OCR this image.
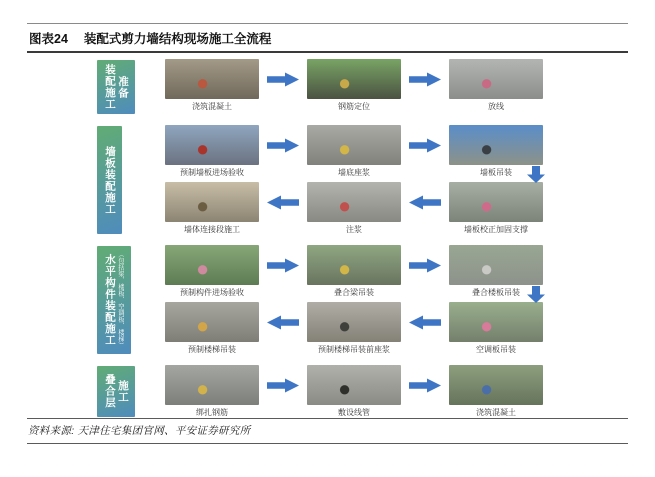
图表24 装配式剪力墙结构现场施工全流程
装配施工 准备
浇筑混凝土	钢筋定位	放线
墙板装配施工	预制墙板进场验收	墙底座浆	墙板吊装
墙体连接段施工	注浆	墙板校正加固支撑
水平构件装配施工 （包括梁、楼板、空调板、楼梯）	预制构件进场验收	叠合梁吊装	叠合楼板吊装
预制楼梯吊装	预制楼梯吊装前座浆	空调板吊装
叠合层 施工
绑扎钢筋	敷设线管	浇筑混凝土
资料来源: 天津住宅集团官网、平安证券研究所
